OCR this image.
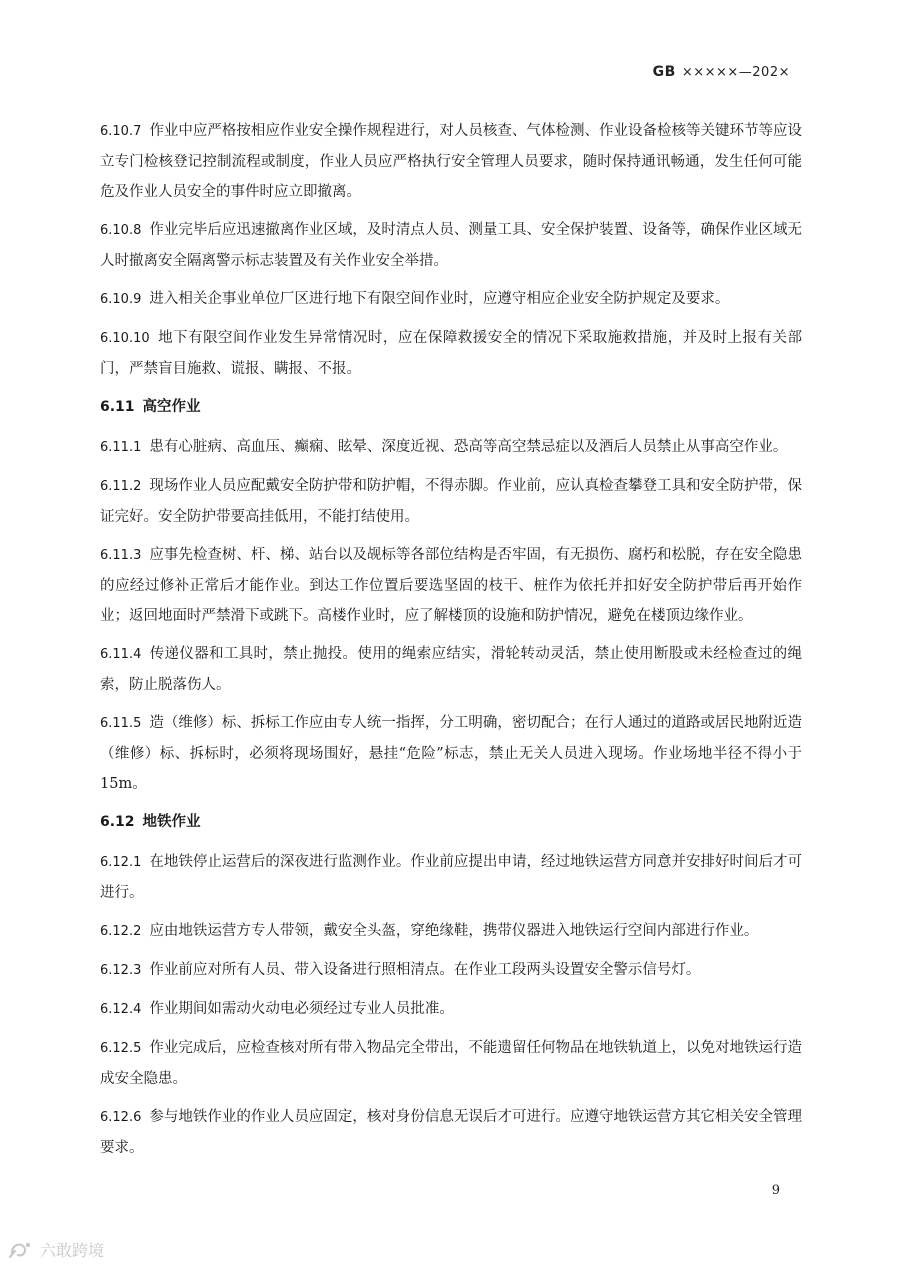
GB ×××××—202×

6.10.7 作业中应严格按相应作业安全操作规程进行，对人员核查、气体检测、作业设备检核等关键环节等应设立专门检核登记控制流程或制度，作业人员应严格执行安全管理人员要求，随时保持通讯畅通，发生任何可能危及作业人员安全的事件时应立即撤离。

6.10.8 作业完毕后应迅速撤离作业区域，及时清点人员、测量工具、安全保护装置、设备等，确保作业区域无人时撤离安全隔离警示标志装置及有关作业安全举措。

6.10.9 进入相关企事业单位厂区进行地下有限空间作业时，应遵守相应企业安全防护规定及要求。

6.10.10 地下有限空间作业发生异常情况时，应在保障救援安全的情况下采取施救措施，并及时上报有关部门，严禁盲目施救、谎报、瞒报、不报。

6.11 高空作业

6.11.1 患有心脏病、高血压、癫痫、眩晕、深度近视、恐高等高空禁忌症以及酒后人员禁止从事高空作业。

6.11.2 现场作业人员应配戴安全防护带和防护帽，不得赤脚。作业前，应认真检查攀登工具和安全防护带，保证完好。安全防护带要高挂低用，不能打结使用。

6.11.3 应事先检查树、杆、梯、站台以及觇标等各部位结构是否牢固，有无损伤、腐朽和松脱，存在安全隐患的应经过修补正常后才能作业。到达工作位置后要选坚固的枝干、桩作为依托并扣好安全防护带后再开始作业；返回地面时严禁滑下或跳下。高楼作业时，应了解楼顶的设施和防护情况，避免在楼顶边缘作业。

6.11.4 传递仪器和工具时，禁止抛投。使用的绳索应结实，滑轮转动灵活，禁止使用断股或未经检查过的绳索，防止脱落伤人。

6.11.5 造（维修）标、拆标工作应由专人统一指挥，分工明确，密切配合；在行人通过的道路或居民地附近造（维修）标、拆标时，必须将现场围好，悬挂“危险”标志，禁止无关人员进入现场。作业场地半径不得小于15m。

6.12 地铁作业

6.12.1 在地铁停止运营后的深夜进行监测作业。作业前应提出申请，经过地铁运营方同意并安排好时间后才可进行。

6.12.2 应由地铁运营方专人带领，戴安全头盔，穿绝缘鞋，携带仪器进入地铁运行空间内部进行作业。

6.12.3 作业前应对所有人员、带入设备进行照相清点。在作业工段两头设置安全警示信号灯。

6.12.4 作业期间如需动火动电必须经过专业人员批准。

6.12.5 作业完成后，应检查核对所有带入物品完全带出，不能遗留任何物品在地铁轨道上，以免对地铁运行造成安全隐患。

6.12.6 参与地铁作业的作业人员应固定，核对身份信息无误后才可进行。应遵守地铁运营方其它相关安全管理要求。

9
六敢跨境
